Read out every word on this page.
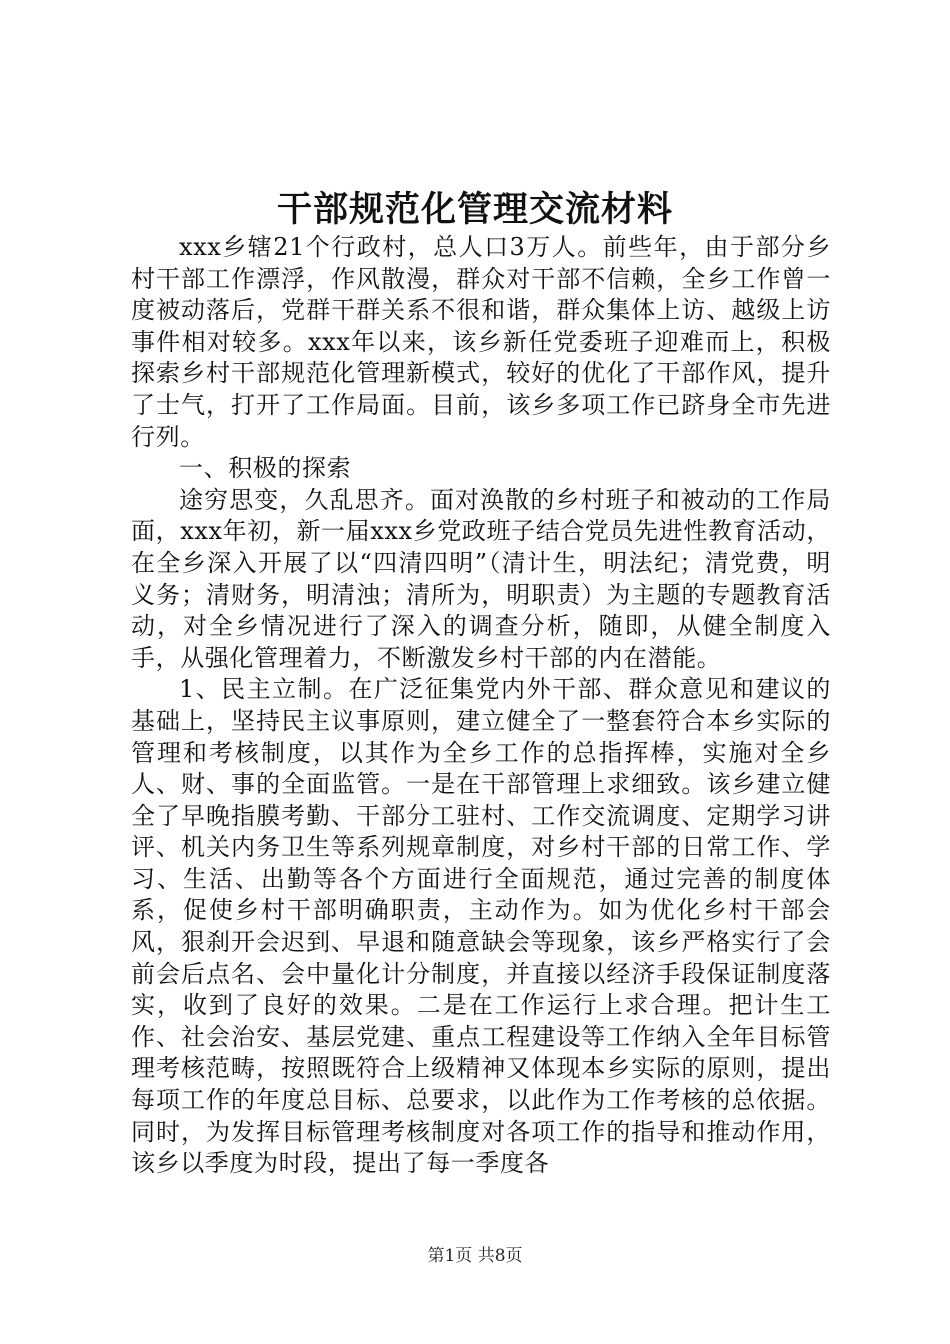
干部规范化管理交流材料

xxx乡辖21个行政村，总人口3万人。前些年，由于部分乡村干部工作漂浮，作风散漫，群众对干部不信赖，全乡工作曾一度被动落后，党群干群关系不很和谐，群众集体上访、越级上访事件相对较多。xxx年以来，该乡新任党委班子迎难而上，积极探索乡村干部规范化管理新模式，较好的优化了干部作风，提升了士气，打开了工作局面。目前，该乡多项工作已跻身全市先进行列。

一、积极的探索

途穷思变，久乱思齐。面对涣散的乡村班子和被动的工作局面，xxx年初，新一届xxx乡党政班子结合党员先进性教育活动，在全乡深入开展了以“四清四明”（清计生，明法纪；清党费，明义务；清财务，明清浊；清所为，明职责）为主题的专题教育活动，对全乡情况进行了深入的调查分析，随即，从健全制度入手，从强化管理着力，不断激发乡村干部的内在潜能。

1、民主立制。在广泛征集党内外干部、群众意见和建议的基础上，坚持民主议事原则，建立健全了一整套符合本乡实际的管理和考核制度，以其作为全乡工作的总指挥棒，实施对全乡人、财、事的全面监管。一是在干部管理上求细致。该乡建立健全了早晚指膜考勤、干部分工驻村、工作交流调度、定期学习讲评、机关内务卫生等系列规章制度，对乡村干部的日常工作、学习、生活、出勤等各个方面进行全面规范，通过完善的制度体系，促使乡村干部明确职责，主动作为。如为优化乡村干部会风，狠刹开会迟到、早退和随意缺会等现象，该乡严格实行了会前会后点名、会中量化计分制度，并直接以经济手段保证制度落实，收到了良好的效果。二是在工作运行上求合理。把计生工作、社会治安、基层党建、重点工程建设等工作纳入全年目标管理考核范畴，按照既符合上级精神又体现本乡实际的原则，提出每项工作的年度总目标、总要求，以此作为工作考核的总依据。同时，为发挥目标管理考核制度对各项工作的指导和推动作用，该乡以季度为时段，提出了每一季度各

第1页 共8页
